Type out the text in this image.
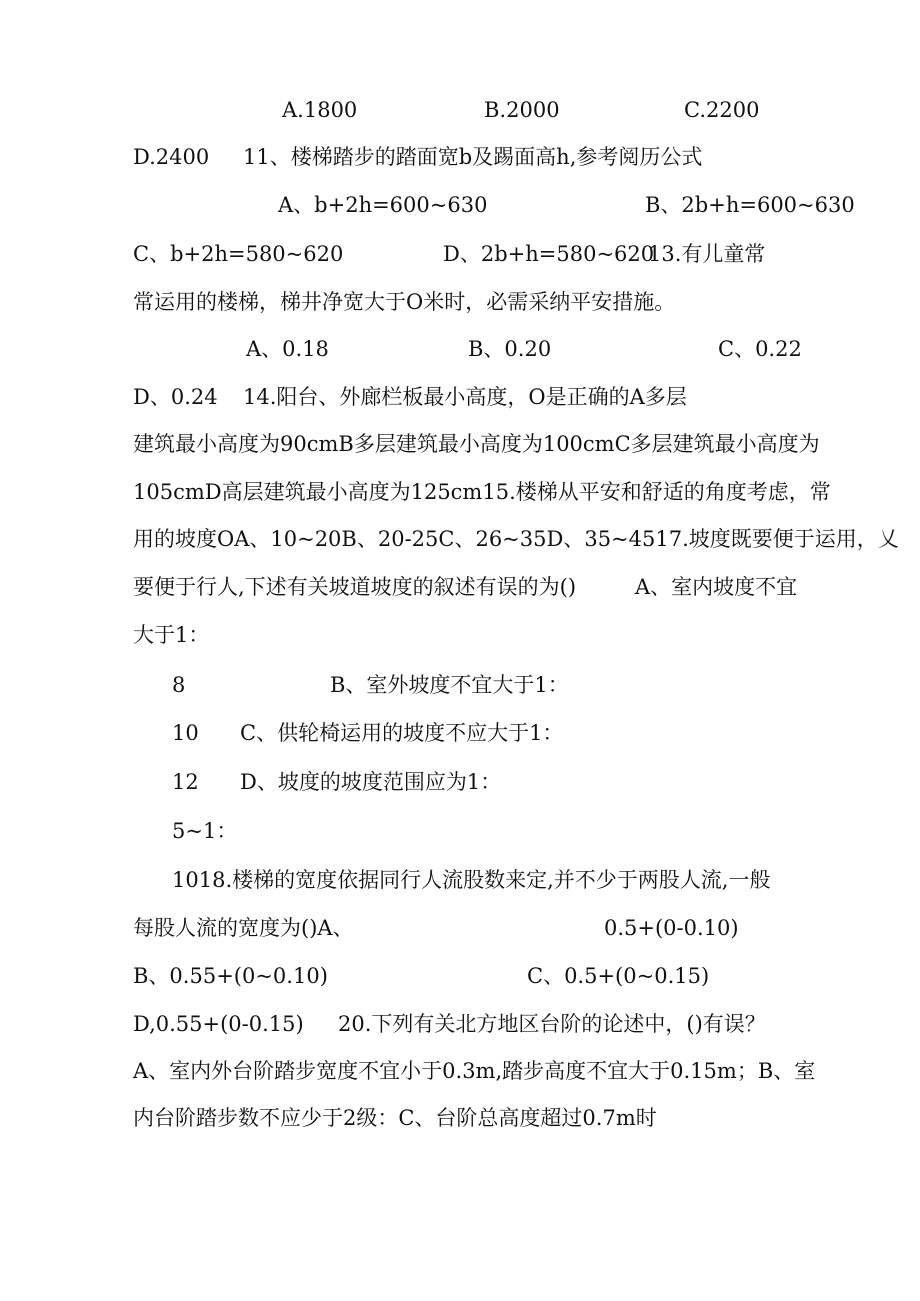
A.1800	B.2000	C.2200
D.2400 11、楼梯踏步的踏面宽b及踢面高h,参考阅历公式
A、b+2h=600~630	B、2b+h=600~630
C、b+2h=580~620	D、2b+h=580~620
13.有儿童常
常运用的楼梯，梯井净宽大于O米时，必需采纳平安措施。
A、0.18	B、0.20	C、0.22
D、0.24 14.阳台、外廊栏板最小高度，O是正确的A多层
建筑最小高度为90cmB多层建筑最小高度为100cmC多层建筑最小高度为
105cmD高层建筑最小高度为125cm15.楼梯从平安和舒适的角度考虑，常
用的坡度OA、10~20B、20-25C、26~35D、35~4517.坡度既要便于运用，乂
要便于行人,下述有关坡道坡度的叙述有误的为()	A、室内坡度不宜
大于1：
8	B、室外坡度不宜大于1：
10 C、供轮椅运用的坡度不应大于1：
12 D、坡度的坡度范围应为1：
5~1：
1018.楼梯的宽度依据同行人流股数来定,并不少于两股人流,一般
每股人流的宽度为()A、	0.5+(0-0.10)
B、0.55+(0~0.10)	C、0.5+(0~0.15)
D,0.55+(0-0.15) 20.下列有关北方地区台阶的论述中，()有误？
A、室内外台阶踏步宽度不宜小于0.3m,踏步高度不宜大于0.15m；B、室
内台阶踏步数不应少于2级：C、台阶总高度超过0.7m时
